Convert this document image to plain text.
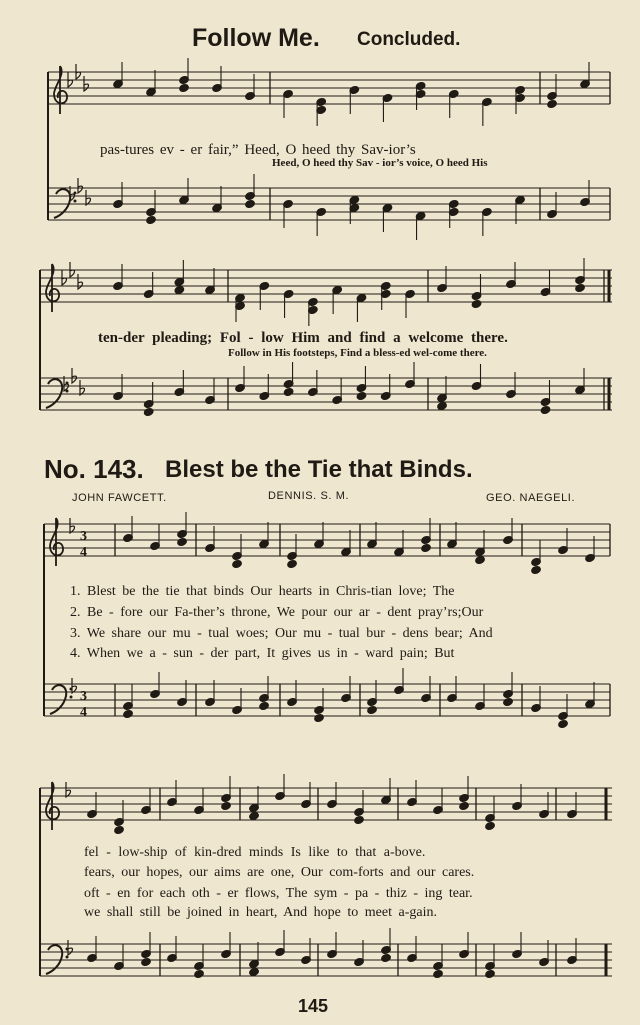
Follow Me. Concluded.
pas-tures ev - er fair,” Heed, O heed thy Sav-ior’s
Heed, O heed thy Sav - ior’s voice, O heed His
ten-der pleading; Fol - low Him and find a welcome there.
Follow in His footsteps, Find a bless-ed wel-come there.
No. 143. Blest be the Tie that Binds.
JOHN FAWCETT.	DENNIS. S. M.	GEO. NAEGELI.
1. Blest be the tie that binds Our hearts in Chris-tian love; The
2. Be - fore our Fa-ther’s throne, We pour our ar - dent pray’rs;Our
3. We share our mu - tual woes; Our mu - tual bur - dens bear; And
4. When we a - sun - der part, It gives us in - ward pain; But
fel - low-ship of kin-dred minds Is like to that a-bove.
fears, our hopes, our aims are one, Our com-forts and our cares.
oft - en for each oth - er flows, The sym - pa - thiz - ing tear.
we shall still be joined in heart, And hope to meet a-gain.
145
3
4
3
4
